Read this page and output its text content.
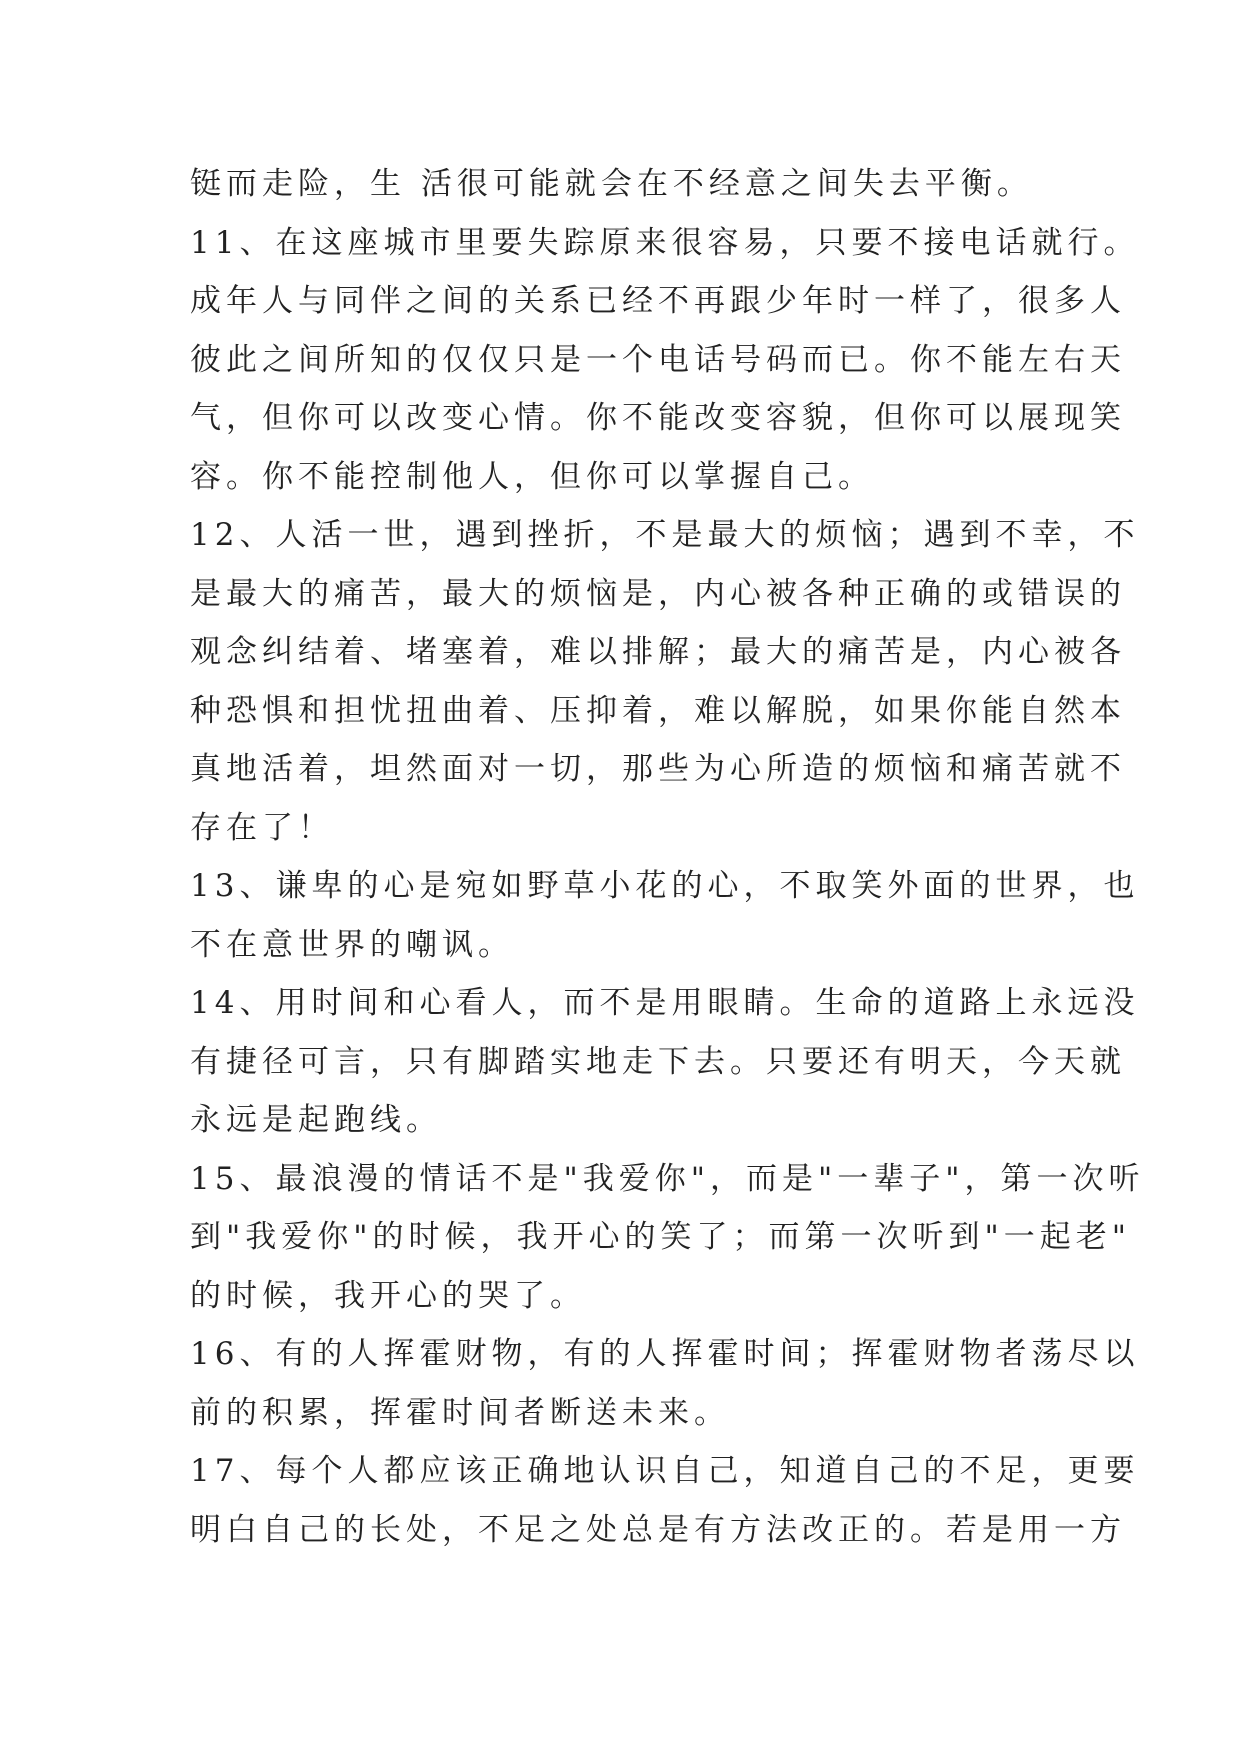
铤而走险，生 活很可能就会在不经意之间失去平衡。

11、在这座城市里要失踪原来很容易，只要不接电话就行。

成年人与同伴之间的关系已经不再跟少年时一样了，很多人

彼此之间所知的仅仅只是一个电话号码而已。你不能左右天

气，但你可以改变心情。你不能改变容貌，但你可以展现笑

容。你不能控制他人，但你可以掌握自己。

12、人活一世，遇到挫折，不是最大的烦恼；遇到不幸，不

是最大的痛苦，最大的烦恼是，内心被各种正确的或错误的

观念纠结着、堵塞着，难以排解；最大的痛苦是，内心被各

种恐惧和担忧扭曲着、压抑着，难以解脱，如果你能自然本

真地活着，坦然面对一切，那些为心所造的烦恼和痛苦就不

存在了！

13、谦卑的心是宛如野草小花的心，不取笑外面的世界，也

不在意世界的嘲讽。

14、用时间和心看人，而不是用眼睛。生命的道路上永远没

有捷径可言，只有脚踏实地走下去。只要还有明天，今天就

永远是起跑线。

15、最浪漫的情话不是"我爱你"，而是"一辈子"，第一次听

到"我爱你"的时候，我开心的笑了；而第一次听到"一起老"

的时候，我开心的哭了。

16、有的人挥霍财物，有的人挥霍时间；挥霍财物者荡尽以

前的积累，挥霍时间者断送未来。

17、每个人都应该正确地认识自己，知道自己的不足，更要

明白自己的长处，不足之处总是有方法改正的。若是用一方
